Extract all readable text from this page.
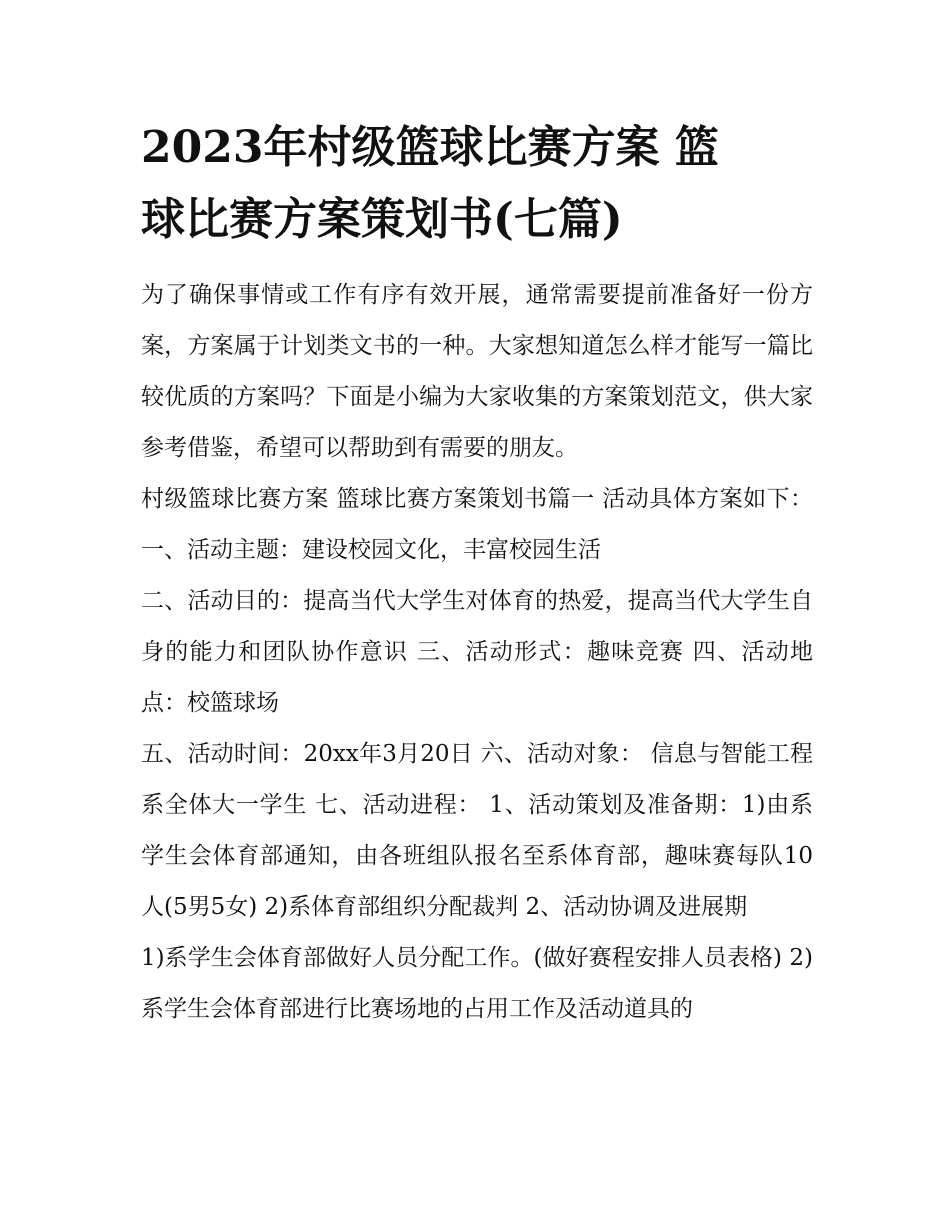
2023年村级篮球比赛方案 篮
球比赛方案策划书(七篇)

为了确保事情或工作有序有效开展，通常需要提前准备好一份方案，方案属于计划类文书的一种。大家想知道怎么样才能写一篇比较优质的方案吗？下面是小编为大家收集的方案策划范文，供大家参考借鉴，希望可以帮助到有需要的朋友。

村级篮球比赛方案 篮球比赛方案策划书篇一 活动具体方案如下： 一、活动主题：建设校园文化，丰富校园生活

二、活动目的：提高当代大学生对体育的热爱，提高当代大学生自身的能力和团队协作意识 三、活动形式：趣味竞赛 四、活动地点：校篮球场

五、活动时间：20xx年3月20日 六、活动对象： 信息与智能工程系全体大一学生 七、活动进程： 1、活动策划及准备期：1)由系学生会体育部通知，由各班组队报名至系体育部，趣味赛每队10人(5男5女) 2)系体育部组织分配裁判 2、活动协调及进展期

1)系学生会体育部做好人员分配工作。(做好赛程安排人员表格) 2)系学生会体育部进行比赛场地的占用工作及活动道具的
